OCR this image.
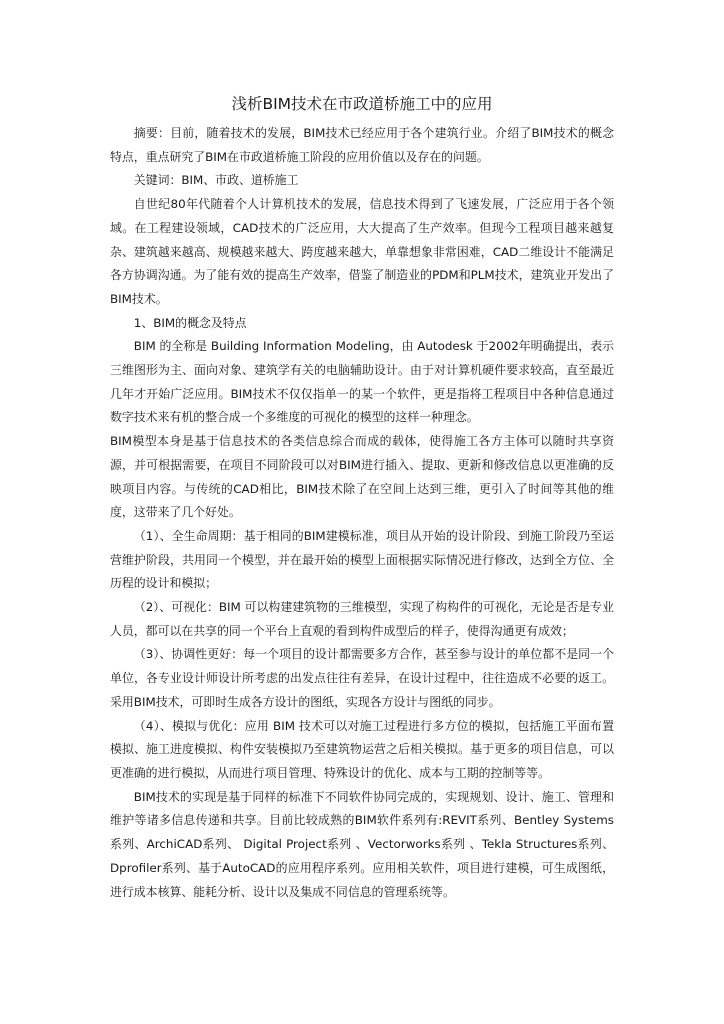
浅析BIM技术在市政道桥施工中的应用

摘要：目前，随着技术的发展，BIM技术已经应用于各个建筑行业。介绍了BIM技术的概念特点，重点研究了BIM在市政道桥施工阶段的应用价值以及存在的问题。

关键词：BIM、市政、道桥施工

自世纪80年代随着个人计算机技术的发展，信息技术得到了飞速发展，广泛应用于各个领域。在工程建设领域，CAD技术的广泛应用，大大提高了生产效率。但现今工程项目越来越复杂、建筑越来越高、规模越来越大、跨度越来越大，单靠想象非常困难，CAD二维设计不能满足各方协调沟通。为了能有效的提高生产效率，借鉴了制造业的PDM和PLM技术，建筑业开发出了BIM技术。

1、BIM的概念及特点

BIM 的全称是 Building Information Modeling，由 Autodesk 于2002年明确提出，表示三维图形为主、面向对象、建筑学有关的电脑辅助设计。由于对计算机硬件要求较高，直至最近几年才开始广泛应用。BIM技术不仅仅指单一的某一个软件，更是指将工程项目中各种信息通过数字技术来有机的整合成一个多维度的可视化的模型的这样一种理念。

BIM模型本身是基于信息技术的各类信息综合而成的载体，使得施工各方主体可以随时共享资源，并可根据需要，在项目不同阶段可以对BIM进行插入、提取、更新和修改信息以更准确的反映项目内容。与传统的CAD相比，BIM技术除了在空间上达到三维，更引入了时间等其他的维度，这带来了几个好处。

（1）、全生命周期：基于相同的BIM建模标准，项目从开始的设计阶段、到施工阶段乃至运营维护阶段，共用同一个模型，并在最开始的模型上面根据实际情况进行修改，达到全方位、全历程的设计和模拟；

（2）、可视化：BIM 可以构建建筑物的三维模型，实现了构构件的可视化，无论是否是专业人员，都可以在共享的同一个平台上直观的看到构件成型后的样子，使得沟通更有成效；

（3）、协调性更好：每一个项目的设计都需要多方合作，甚至参与设计的单位都不是同一个单位，各专业设计师设计所考虑的出发点往往有差异，在设计过程中，往往造成不必要的返工。采用BIM技术，可即时生成各方设计的图纸，实现各方设计与图纸的同步。

（4）、模拟与优化：应用 BIM 技术可以对施工过程进行多方位的模拟，包括施工平面布置模拟、施工进度模拟、构件安装模拟乃至建筑物运营之后相关模拟。基于更多的项目信息，可以更准确的进行模拟，从而进行项目管理、特殊设计的优化、成本与工期的控制等等。

BIM技术的实现是基于同样的标准下不同软件协同完成的，实现规划、设计、施工、管理和维护等诸多信息传递和共享。目前比较成熟的BIM软件系列有:REVIT系列、Bentley Systems系列、ArchiCAD系列、 Digital Project系列 、Vectorworks系列 、Tekla Structures系列、Dprofiler系列、基于AutoCAD的应用程序系列。应用相关软件，项目进行建模，可生成图纸，进行成本核算、能耗分析、设计以及集成不同信息的管理系统等。
